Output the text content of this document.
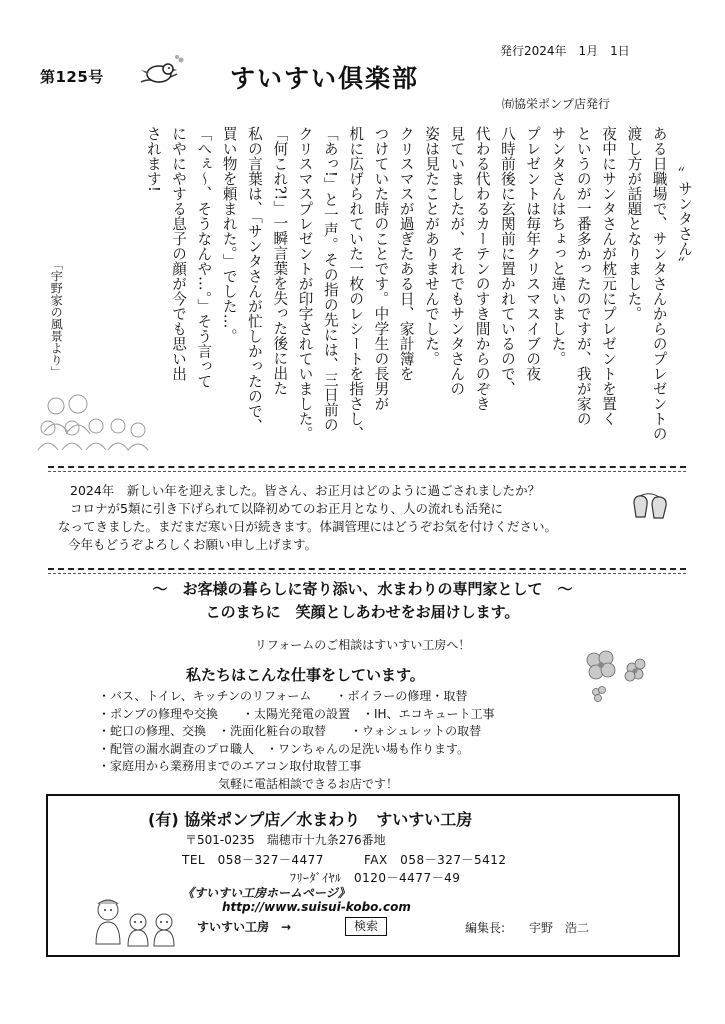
第125号	すいすい倶楽部
発行2024年　1月　1日
㈲協栄ポンプ店発行
「宇野家の風景より」

〟サンタさん〟

ある日職場で、サンタさんからのプレゼントの

渡し方が話題となりました。

夜中にサンタさんが枕元にプレゼントを置く

というのが一番多かったのですが、我が家の

サンタさんはちょっと違いました。

プレゼントは毎年クリスマスイブの夜

八時前後に玄関前に置かれているので、

代わる代わるカーテンのすき間からのぞき

見ていましたが、それでもサンタさんの

姿は見たことがありませんでした。

クリスマスが過ぎたある日、家計簿を

つけていた時のことです。中学生の長男が

机に広げられていた一枚のレシートを指さし、

「あっ!」と一声。その指の先には、三日前の

クリスマスプレゼントが印字されていました。

「何これ?!」一瞬言葉を失った後に出た

私の言葉は、「サンタさんが忙しかったので、

買い物を頼まれた。」でした…。

「へぇ～、そうなんや…。」そう言って

にやにやする息子の顔が今でも思い出

されます!

2024年　新しい年を迎えました。皆さん、お正月はどのように過ごされましたか？
コロナが5類に引き下げられて以降初めてのお正月となり、人の流れも活発に
なってきました。まだまだ寒い日が続きます。体調管理にはどうぞお気を付けください。
今年もどうぞよろしくお願い申し上げます。
～　お客様の暮らしに寄り添い、水まわりの専門家として　～
このまちに　笑顔としあわせをお届けします。
リフォームのご相談はすいすい工房へ！
私たちはこんな仕事をしています。
・バス、トイレ、キッチンのリフォーム　　・ボイラーの修理・取替
・ポンプの修理や交換　　・太陽光発電の設置　・IH、エコキュート工事
・蛇口の修理、交換　・洗面化粧台の取替　　・ウォシュレットの取替
・配管の漏水調査のプロ職人　・ワンちゃんの足洗い場も作ります。
・家庭用から業務用までのエアコン取付取替工事
　　　　　　　　　　気軽に電話相談できるお店です！
(有) 協栄ポンプ店／水まわり　すいすい工房
〒501-0235　瑞穂市十九条276番地
TEL　058－327－4477	FAX　058－327－5412
ﾌﾘｰﾀﾞｲﾔﾙ　0120－4477－49
《すいすい工房ホームページ》
http://www.suisui-kobo.com
すいすい工房　→	検索	編集長: 宇野　浩二
